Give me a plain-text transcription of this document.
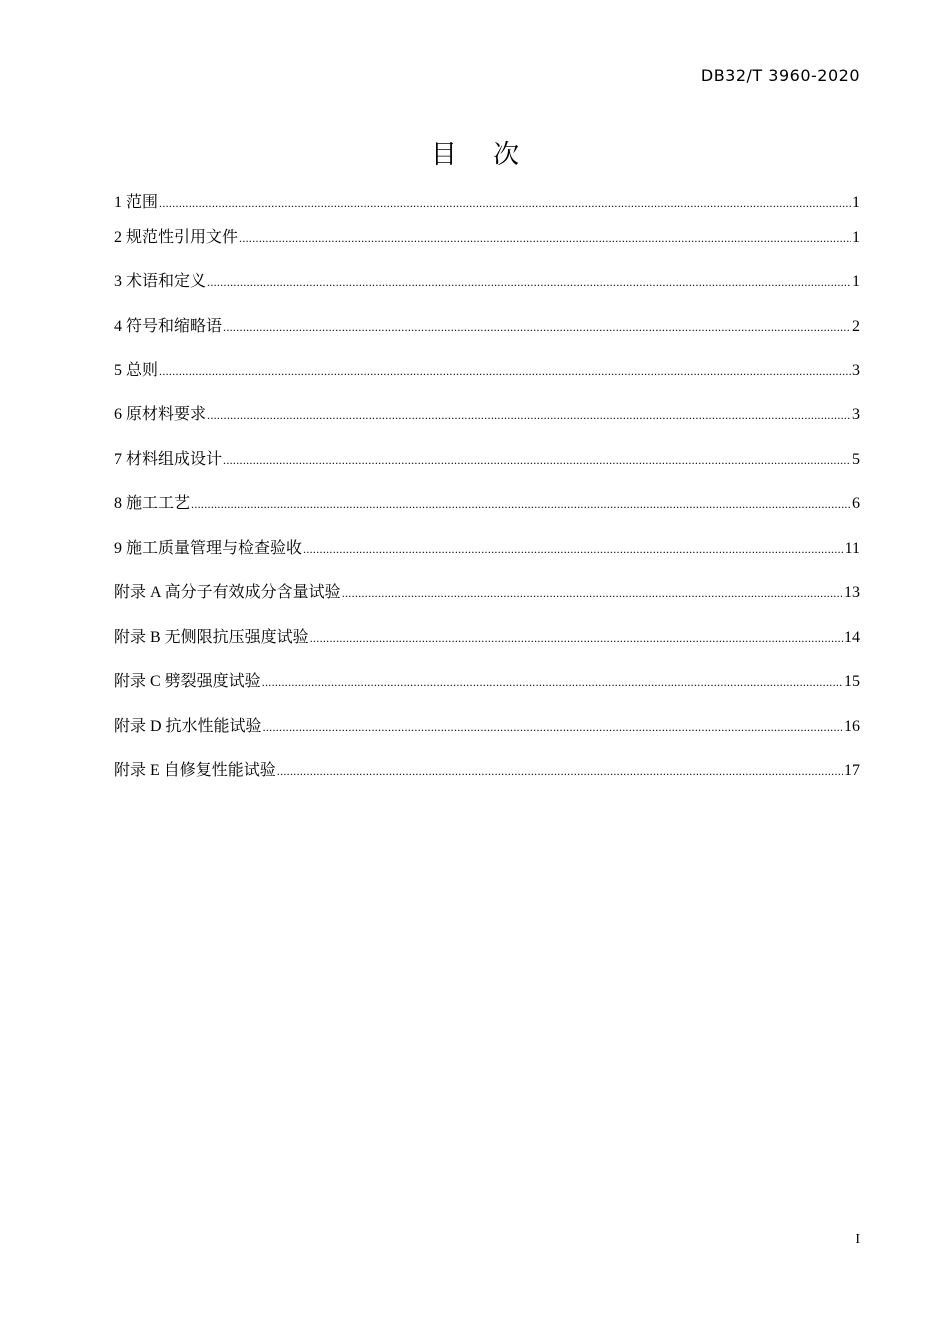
DB32/T 3960-2020
目 次
1 范围 .....	1
2 规范性引用文件 .....	1
3 术语和定义 .....	1
4 符号和缩略语 .....	2
5 总则 .....	3
6 原材料要求 .....	3
7 材料组成设计 .....	5
8 施工工艺 .....	6
9 施工质量管理与检查验收 .....	11
附录 A 高分子有效成分含量试验 .....	13
附录 B 无侧限抗压强度试验 .....	14
附录 C 劈裂强度试验 .....	15
附录 D 抗水性能试验 .....	16
附录 E 自修复性能试验 .....	17
I
